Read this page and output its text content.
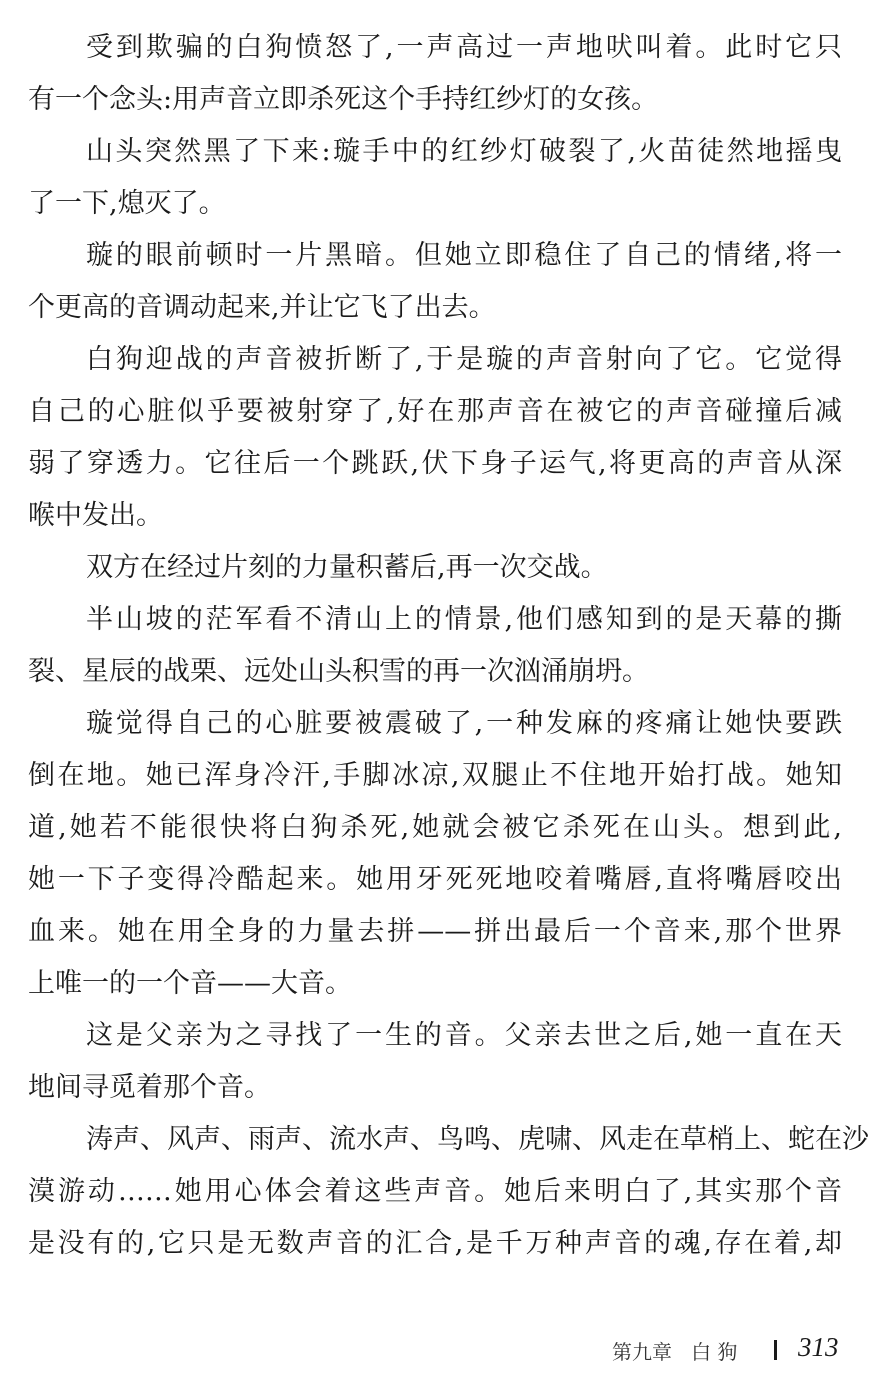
受到欺骗的白狗愤怒了,一声高过一声地吠叫着。此时它只
有一个念头:用声音立即杀死这个手持红纱灯的女孩。
山头突然黑了下来:璇手中的红纱灯破裂了,火苗徒然地摇曳
了一下,熄灭了。
璇的眼前顿时一片黑暗。但她立即稳住了自己的情绪,将一
个更高的音调动起来,并让它飞了出去。
白狗迎战的声音被折断了,于是璇的声音射向了它。它觉得
自己的心脏似乎要被射穿了,好在那声音在被它的声音碰撞后减
弱了穿透力。它往后一个跳跃,伏下身子运气,将更高的声音从深
喉中发出。
双方在经过片刻的力量积蓄后,再一次交战。
半山坡的茫军看不清山上的情景,他们感知到的是天幕的撕
裂、星辰的战栗、远处山头积雪的再一次汹涌崩坍。
璇觉得自己的心脏要被震破了,一种发麻的疼痛让她快要跌
倒在地。她已浑身冷汗,手脚冰凉,双腿止不住地开始打战。她知
道,她若不能很快将白狗杀死,她就会被它杀死在山头。想到此,
她一下子变得冷酷起来。她用牙死死地咬着嘴唇,直将嘴唇咬出
血来。她在用全身的力量去拼——拼出最后一个音来,那个世界
上唯一的一个音——大音。
这是父亲为之寻找了一生的音。父亲去世之后,她一直在天
地间寻觅着那个音。
涛声、风声、雨声、流水声、鸟鸣、虎啸、风走在草梢上、蛇在沙
漠游动……她用心体会着这些声音。她后来明白了,其实那个音
是没有的,它只是无数声音的汇合,是千万种声音的魂,存在着,却
第九章   白 狗 313
